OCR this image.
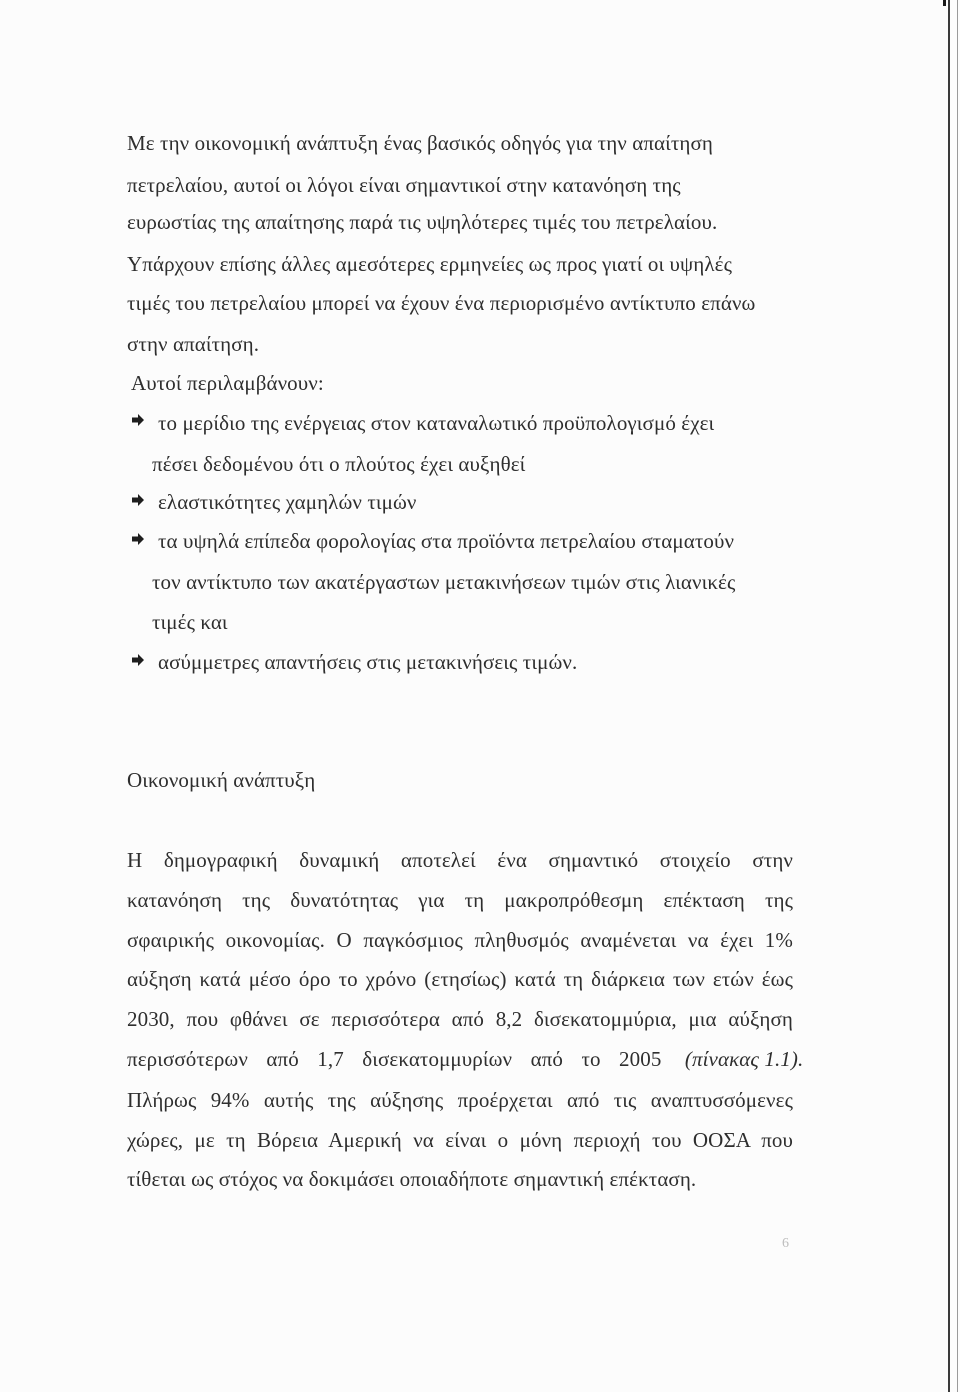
Με την οικονομική ανάπτυξη ένας βασικός οδηγός για την απαίτηση
πετρελαίου, αυτοί οι λόγοι είναι σημαντικοί στην κατανόηση της
ευρωστίας της απαίτησης παρά τις υψηλότερες τιμές του πετρελαίου.
Υπάρχουν επίσης άλλες αμεσότερες ερμηνείες ως προς γιατί οι υψηλές
τιμές του πετρελαίου μπορεί να έχουν ένα περιορισμένο αντίκτυπο επάνω
στην απαίτηση.
Αυτοί περιλαμβάνουν:
το μερίδιο της ενέργειας στον καταναλωτικό προϋπολογισμό έχει
πέσει δεδομένου ότι ο πλούτος έχει αυξηθεί
ελαστικότητες χαμηλών τιμών
τα υψηλά επίπεδα φορολογίας στα προϊόντα πετρελαίου σταματούν
τον αντίκτυπο των ακατέργαστων μετακινήσεων τιμών στις λιανικές
τιμές και
ασύμμετρες απαντήσεις στις μετακινήσεις τιμών.
Οικονομική ανάπτυξη
Η δημογραφική δυναμική αποτελεί ένα σημαντικό στοιχείο στην
κατανόηση της δυνατότητας για τη μακροπρόθεσμη επέκταση της
σφαιρικής οικονομίας. Ο παγκόσμιος πληθυσμός αναμένεται να έχει 1%
αύξηση κατά μέσο όρο το χρόνο (ετησίως) κατά τη διάρκεια των ετών έως
2030, που φθάνει σε περισσότερα από 8,2 δισεκατομμύρια, μια αύξηση
περισσότερων από 1,7 δισεκατομμυρίων από το 2005 (πίνακας 1.1).
Πλήρως 94% αυτής της αύξησης προέρχεται από τις αναπτυσσόμενες
χώρες, με τη Βόρεια Αμερική να είναι ο μόνη περιοχή του ΟΟΣΑ που
τίθεται ως στόχος να δοκιμάσει οποιαδήποτε σημαντική επέκταση.
6
